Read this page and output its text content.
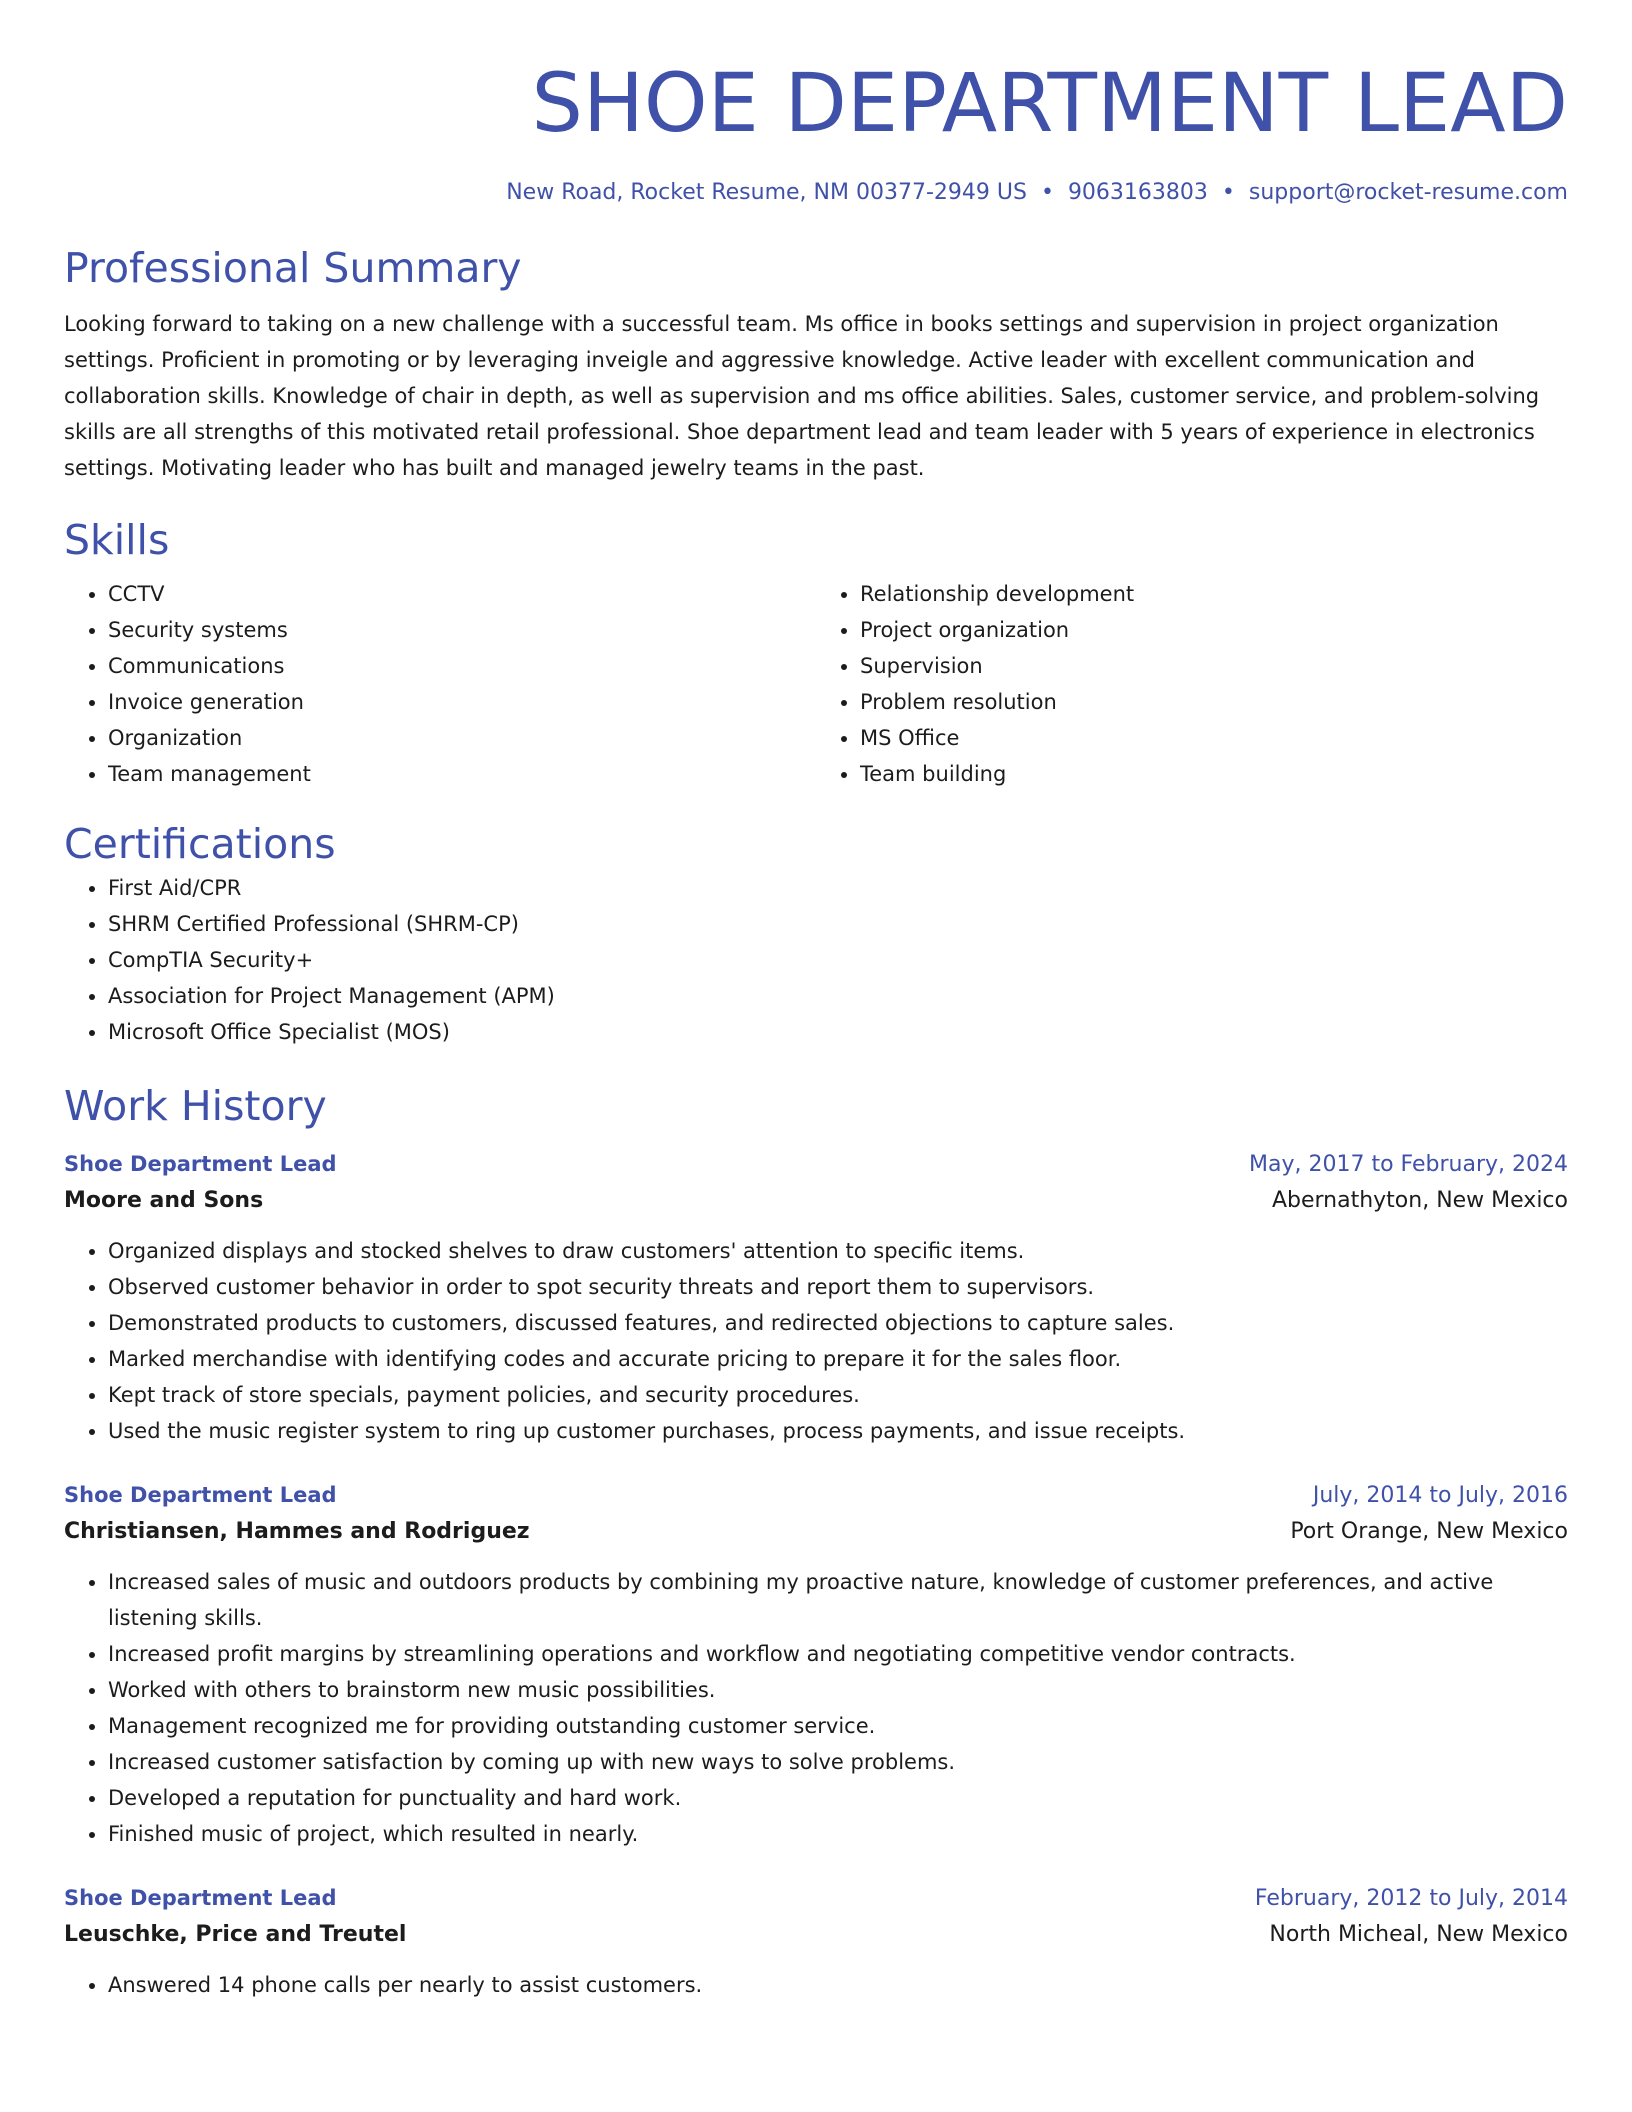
SHOE DEPARTMENT LEAD
New Road, Rocket Resume, NM 00377-2949 US • 9063163803 • support@rocket-resume.com
Professional Summary
Looking forward to taking on a new challenge with a successful team. Ms office in books settings and supervision in project organization settings. Proficient in promoting or by leveraging inveigle and aggressive knowledge. Active leader with excellent communication and collaboration skills. Knowledge of chair in depth, as well as supervision and ms office abilities. Sales, customer service, and problem-solving skills are all strengths of this motivated retail professional. Shoe department lead and team leader with 5 years of experience in electronics settings. Motivating leader who has built and managed jewelry teams in the past.
Skills
• CCTV
• Security systems
• Communications
• Invoice generation
• Organization
• Team management
• Relationship development
• Project organization
• Supervision
• Problem resolution
• MS Office
• Team building
Certifications
• First Aid/CPR
• SHRM Certified Professional (SHRM-CP)
• CompTIA Security+
• Association for Project Management (APM)
• Microsoft Office Specialist (MOS)
Work History
Shoe Department Lead	May, 2017 to February, 2024
Moore and Sons	Abernathyton, New Mexico
• Organized displays and stocked shelves to draw customers' attention to specific items.
• Observed customer behavior in order to spot security threats and report them to supervisors.
• Demonstrated products to customers, discussed features, and redirected objections to capture sales.
• Marked merchandise with identifying codes and accurate pricing to prepare it for the sales floor.
• Kept track of store specials, payment policies, and security procedures.
• Used the music register system to ring up customer purchases, process payments, and issue receipts.
Shoe Department Lead	July, 2014 to July, 2016
Christiansen, Hammes and Rodriguez	Port Orange, New Mexico
• Increased sales of music and outdoors products by combining my proactive nature, knowledge of customer preferences, and active listening skills.
• Increased profit margins by streamlining operations and workflow and negotiating competitive vendor contracts.
• Worked with others to brainstorm new music possibilities.
• Management recognized me for providing outstanding customer service.
• Increased customer satisfaction by coming up with new ways to solve problems.
• Developed a reputation for punctuality and hard work.
• Finished music of project, which resulted in nearly.
Shoe Department Lead	February, 2012 to July, 2014
Leuschke, Price and Treutel	North Micheal, New Mexico
• Answered 14 phone calls per nearly to assist customers.
